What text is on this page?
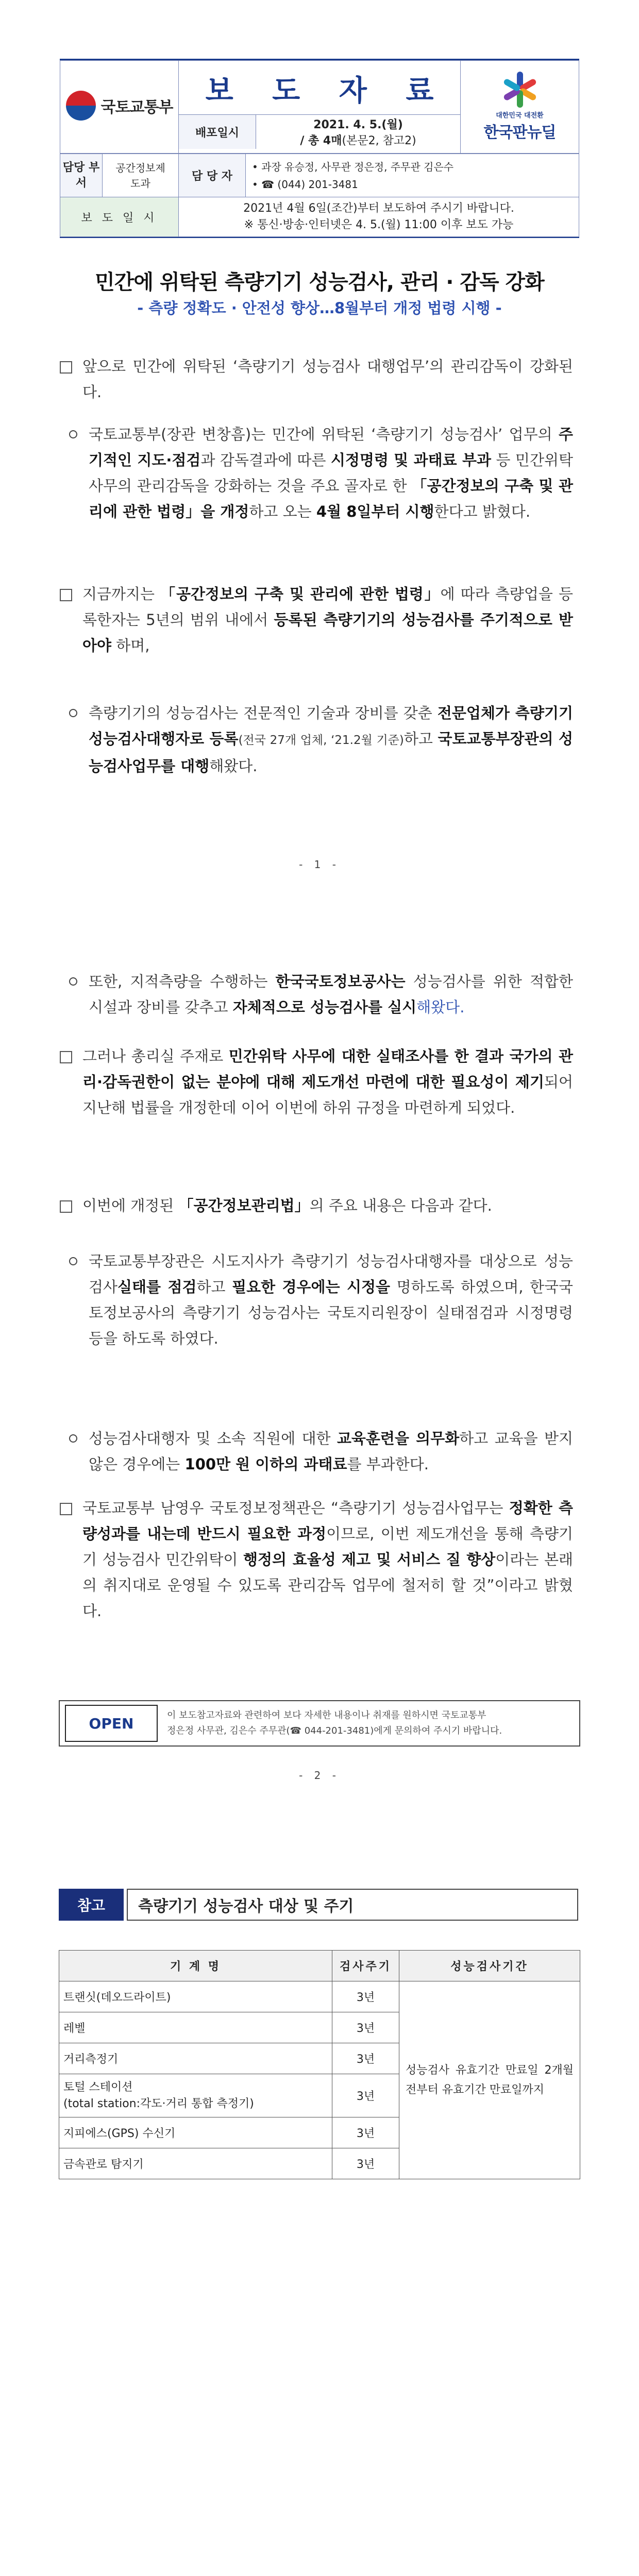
국토교통부	보 도 자 료
배포일시
2021. 4. 5.(월)
/ 총 4매(본문2, 참고2)

대한민국 대전환
한국판뉴딜
담당 부서	공간정보제도과	담 당 자	• 과장 유승정, 사무관 정은정, 주무관 김은수
• ☎ (044) 201-3481

보 도 일 시		2021년 4월 6일(조간)부터 보도하여 주시기 바랍니다.
※ 통신·방송·인터넷은 4. 5.(월) 11:00 이후 보도 가능	
민간에 위탁된 측량기기 성능검사, 관리 · 감독 강화
- 측량 정확도 · 안전성 향상…8월부터 개정 법령 시행 -
앞으로 민간에 위탁된 ‘측량기기 성능검사 대행업무’의 관리감독이 강화된다.
국토교통부(장관 변창흠)는 민간에 위탁된 ‘측량기기 성능검사’ 업무의 주기적인 지도·점검과 감독결과에 따른 시정명령 및 과태료 부과 등 민간위탁 사무의 관리감독을 강화하는 것을 주요 골자로 한 「공간정보의 구축 및 관리에 관한 법령」을 개정하고 오는 4월 8일부터 시행한다고 밝혔다.
지금까지는 「공간정보의 구축 및 관리에 관한 법령」에 따라 측량업을 등록한자는 5년의 범위 내에서 등록된 측량기기의 성능검사를 주기적으로 받아야 하며,
측량기기의 성능검사는 전문적인 기술과 장비를 갖춘 전문업체가 측량기기 성능검사대행자로 등록(전국 27개 업체, ‘21.2월 기준)하고 국토교통부장관의 성능검사업무를 대행해왔다.
- 1 -
또한, 지적측량을 수행하는 한국국토정보공사는 성능검사를 위한 적합한 시설과 장비를 갖추고 자체적으로 성능검사를 실시해왔다.
그러나 총리실 주재로 민간위탁 사무에 대한 실태조사를 한 결과 국가의 관리·감독권한이 없는 분야에 대해 제도개선 마련에 대한 필요성이 제기되어 지난해 법률을 개정한데 이어 이번에 하위 규정을 마련하게 되었다.
이번에 개정된 「공간정보관리법」의 주요 내용은 다음과 같다.
국토교통부장관은 시도지사가 측량기기 성능검사대행자를 대상으로 성능검사실태를 점검하고 필요한 경우에는 시정을 명하도록 하였으며, 한국국토정보공사의 측량기기 성능검사는 국토지리원장이 실태점검과 시정명령 등을 하도록 하였다.
성능검사대행자 및 소속 직원에 대한 교육훈련을 의무화하고 교육을 받지 않은 경우에는 100만 원 이하의 과태료를 부과한다.
국토교통부 남영우 국토정보정책관은 “측량기기 성능검사업무는 정확한 측량성과를 내는데 반드시 필요한 과정이므로, 이번 제도개선을 통해 측량기기 성능검사 민간위탁이 행정의 효율성 제고 및 서비스 질 향상이라는 본래의 취지대로 운영될 수 있도록 관리감독 업무에 철저히 할 것”이라고 밝혔다.
OPEN	이 보도참고자료와 관련하여 보다 자세한 내용이나 취재를 원하시면 국토교통부
정은정 사무관, 김은수 주무관(☎ 044-201-3481)에게 문의하여 주시기 바랍니다.
- 2 -
참고	측량기기 성능검사 대상 및 주기
기 계 명	검사주기	성능검사기간
트랜싯(데오드라이트)	3년	성능검사 유효기간 만료일 2개월 전부터 유효기간 만료일까지
레벨	3년	
거리측정기	3년	

토털 스테이션
(total station:각도·거리 통합 측정기)	3년	
지피에스(GPS) 수신기	3년	
금속관로 탐지기	3년	
